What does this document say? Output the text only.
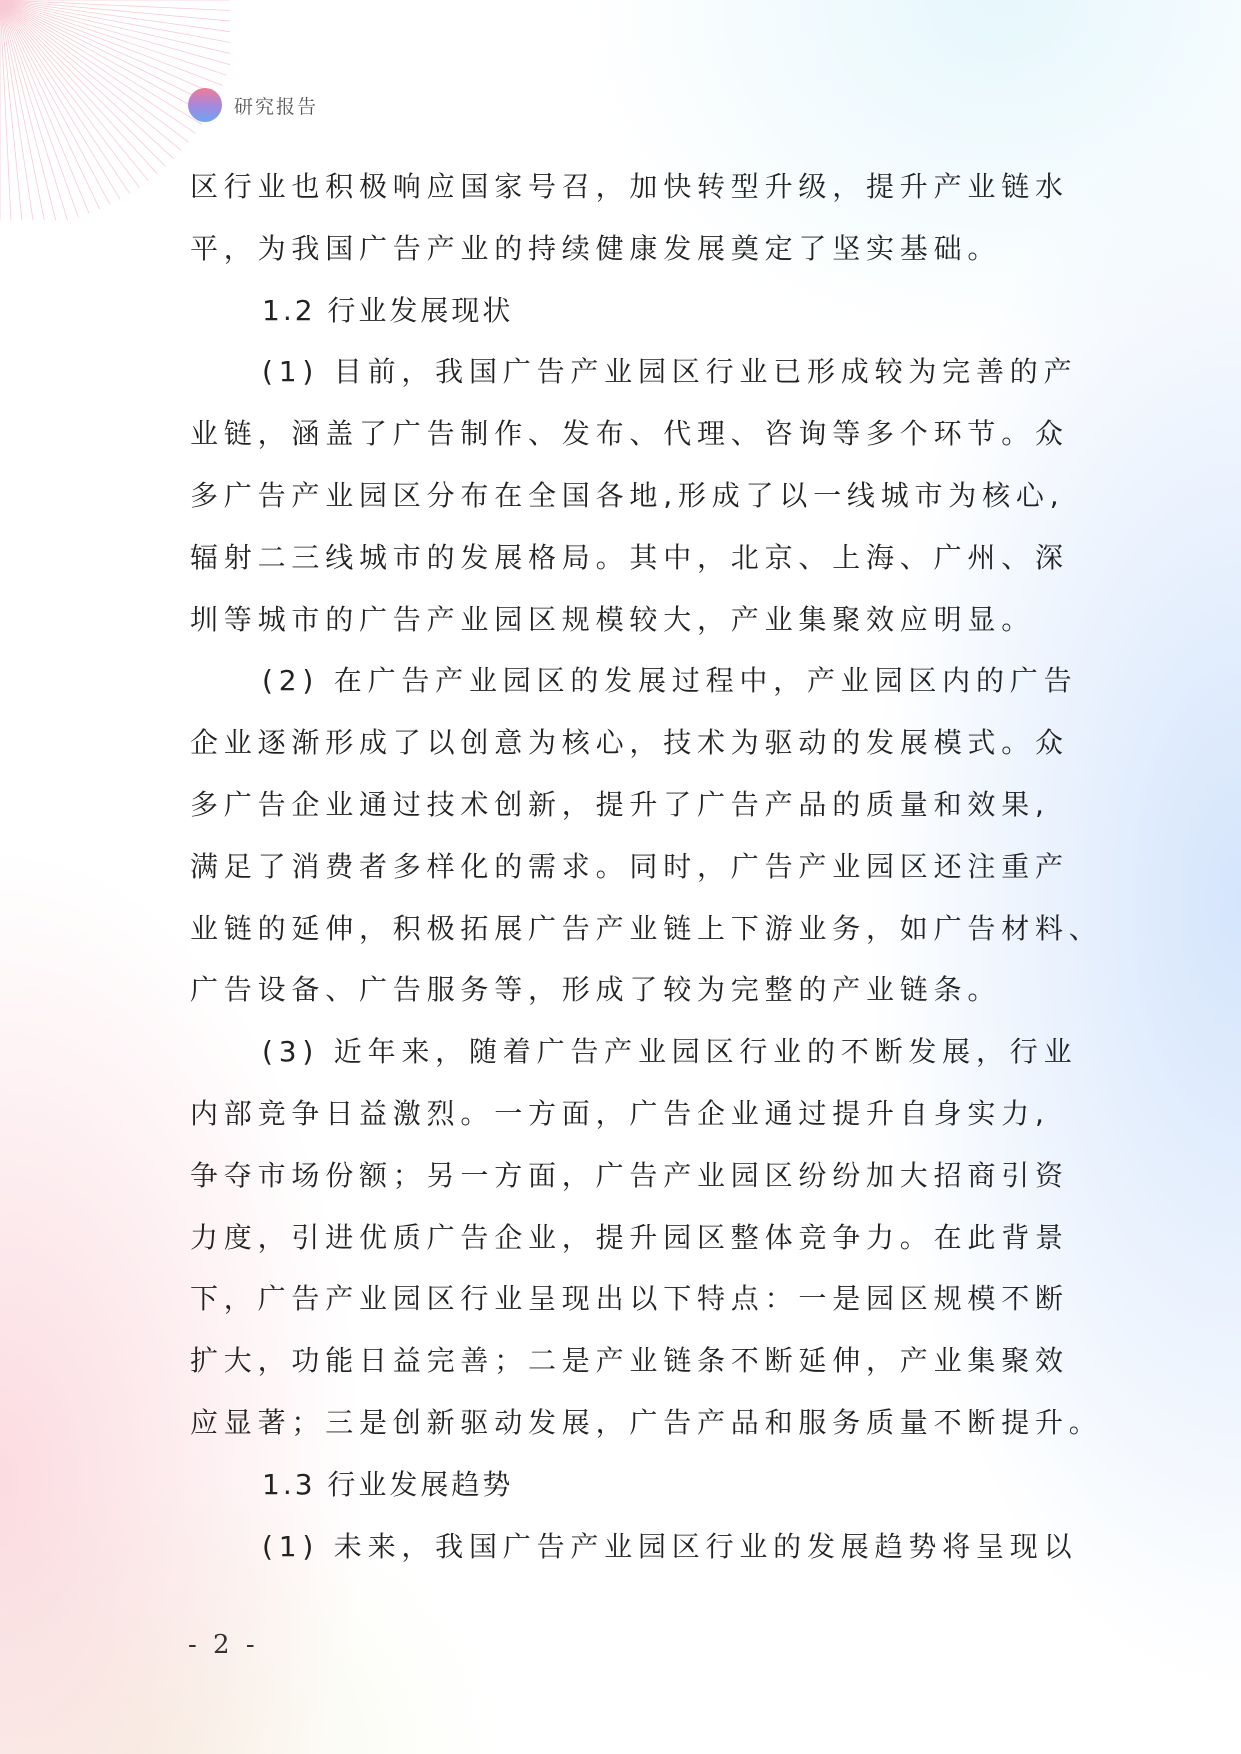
研究报告
区行业也积极响应国家号召，加快转型升级，提升产业链水
平，为我国广告产业的持续健康发展奠定了坚实基础。
1.2 行业发展现状
(1) 目前，我国广告产业园区行业已形成较为完善的产
业链，涵盖了广告制作、发布、代理、咨询等多个环节。众
多广告产业园区分布在全国各地,形成了以一线城市为核心,
辐射二三线城市的发展格局。其中，北京、上海、广州、深
圳等城市的广告产业园区规模较大，产业集聚效应明显。
(2) 在广告产业园区的发展过程中，产业园区内的广告
企业逐渐形成了以创意为核心，技术为驱动的发展模式。众
多广告企业通过技术创新，提升了广告产品的质量和效果,
满足了消费者多样化的需求。同时，广告产业园区还注重产
业链的延伸，积极拓展广告产业链上下游业务，如广告材料、
广告设备、广告服务等，形成了较为完整的产业链条。
(3) 近年来，随着广告产业园区行业的不断发展，行业
内部竞争日益激烈。一方面，广告企业通过提升自身实力,
争夺市场份额；另一方面，广告产业园区纷纷加大招商引资
力度，引进优质广告企业，提升园区整体竞争力。在此背景
下，广告产业园区行业呈现出以下特点：一是园区规模不断
扩大，功能日益完善；二是产业链条不断延伸，产业集聚效
应显著；三是创新驱动发展，广告产品和服务质量不断提升。
1.3 行业发展趋势
(1) 未来，我国广告产业园区行业的发展趋势将呈现以
- 2 -
